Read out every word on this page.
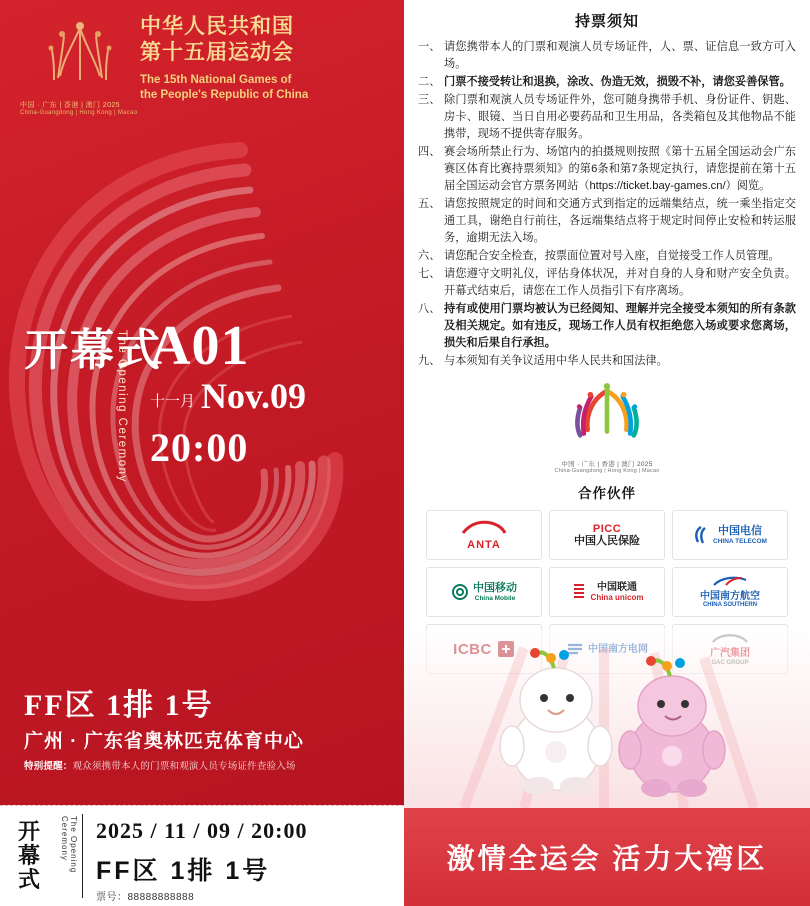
中华人民共和国
第十五届运动会
The 15th National Games of
the People's Republic of China
中国 · 广东 | 香港 | 澳门 2025
China-Guangdong | Hong Kong | Macao
开幕式
The Opening Ceremony A01
十一月 Nov.09
20:00
FF区 1排 1号
广州 · 广东省奥林匹克体育中心
特别提醒：观众须携带本人的门票和观演人员专场证件查验入场
开幕式
The Opening Ceremony	2025 / 11 / 09 / 20:00
FF区 1排 1号
票号：88888888888
持票须知
一、 请您携带本人的门票和观演人员专场证件，人、票、证信息一致方可入场。
二、 门票不接受转让和退换，涂改、伪造无效，损毁不补，请您妥善保管。
三、 除门票和观演人员专场证件外，您可随身携带手机、身份证件、钥匙、房卡、眼镜、当日自用必要药品和卫生用品，各类箱包及其他物品不能携带，现场不提供寄存服务。
四、 赛会场所禁止行为、场馆内的拍摄规则按照《第十五届全国运动会广东赛区体育比赛持票须知》的第6条和第7条规定执行，请您提前在第十五届全国运动会官方票务网站（https://ticket.bay-games.cn/）阅览。
五、 请您按照规定的时间和交通方式到指定的远端集结点，统一乘坐指定交通工具，谢绝自行前往，各远端集结点将于规定时间停止安检和转运服务，逾期无法入场。
六、 请您配合安全检查，按票面位置对号入座，自觉接受工作人员管理。
七、 请您遵守文明礼仪，评估身体状况，并对自身的人身和财产安全负责。开幕式结束后，请您在工作人员指引下有序离场。
八、 持有或使用门票均被认为已经阅知、理解并完全接受本须知的所有条款及相关规定。如有违反，现场工作人员有权拒绝您入场或要求您离场，损失和后果自行承担。
九、 与本须知有关争议适用中华人民共和国法律。
中国 · 广东 | 香港 | 澳门 2025
China-Guangdong | Hong Kong | Macao
合作伙伴
ANTA
PICC
中国人民保险
中国电信
CHINA TELECOM
中国移动
China Mobile
中国联通
China unicom	中国南方航空
CHINA SOUTHERN
激情全运会 活力大湾区
